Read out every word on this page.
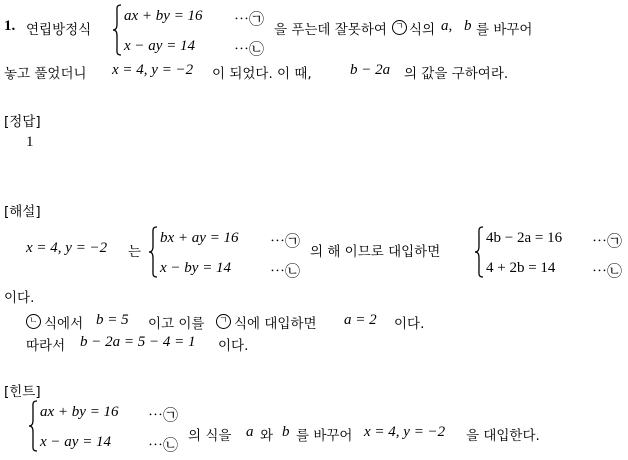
1. 연립방정식
ax + by = 16 ⋯㉠
x − ay = 14	⋯㉡
을 푸는데 잘못하여 ㄱ 식의 a, b 를 바꾸어
놓고 풀었더니 x = 4, y = −2 이 되었다. 이 때,	b − 2a 의 값을 구하여라.
[정답]
1
[해설]
x = 4, y = −2 는
bx + ay = 16 ⋯㉠
x − by = 14	⋯㉡
의 해 이므로 대입하면
4b − 2a = 16 ⋯㉠
4 + 2b = 14 ⋯㉡
이다.
ㄴ 식에서 b = 5 이고 이를	ㄱ 식에 대입하면 a = 2 이다.
따라서 b − 2a = 5 − 4 = 1 이다.
[힌트]
ax + by = 16 ⋯㉠
x − ay = 14 ⋯㉡
의 식을 a 와 b 를 바꾸어 x = 4, y = −2 을 대입한다.
